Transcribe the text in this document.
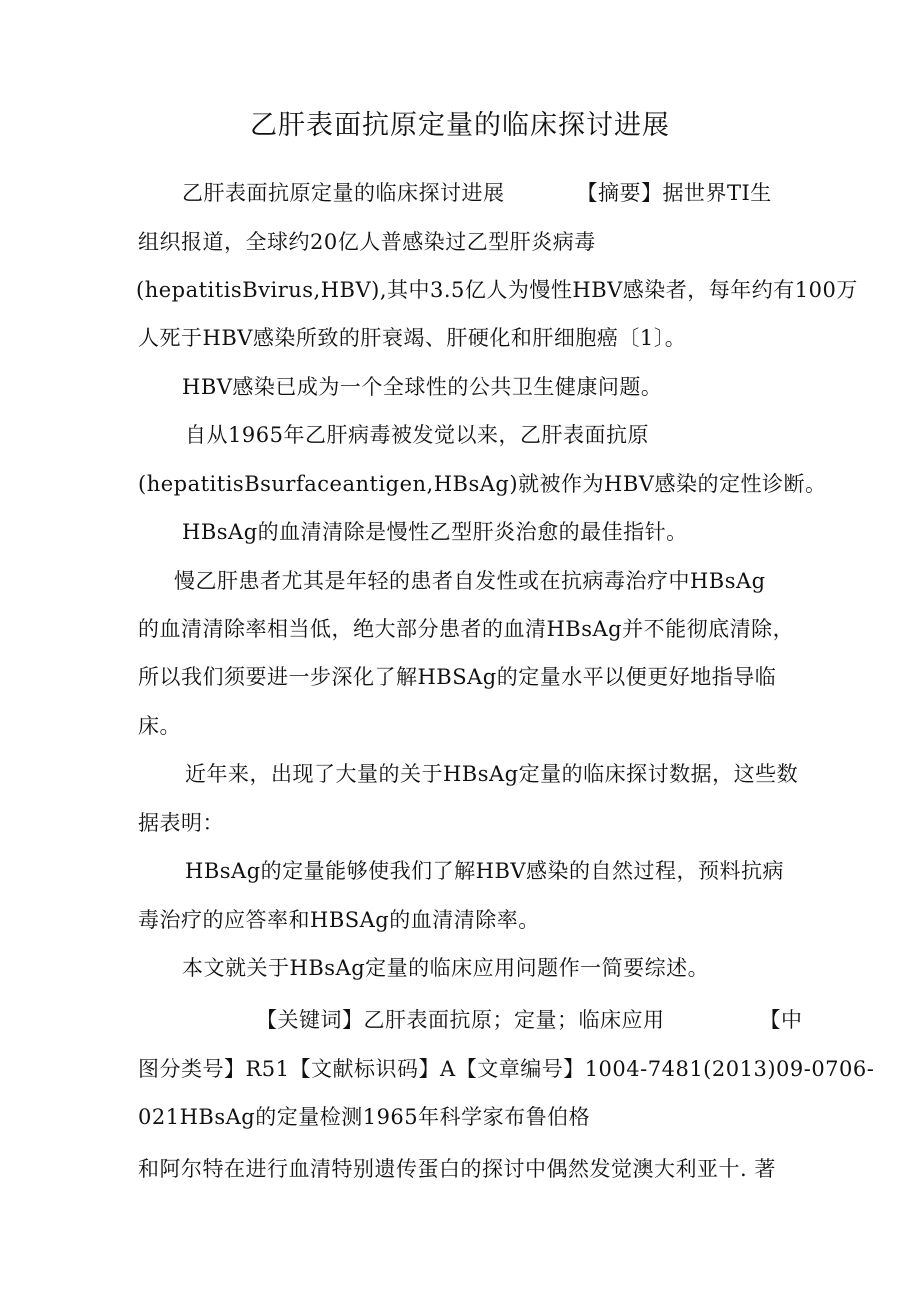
乙肝表面抗原定量的临床探讨进展
乙肝表面抗原定量的临床探讨进展	【摘要】据世界TI生
组织报道，全球约20亿人普感染过乙型肝炎病毒
(hepatitisBvirus,HBV),其中3.5亿人为慢性HBV感染者，每年约有100万
人死于HBV感染所致的肝衰竭、肝硬化和肝细胞癌〔1〕。
HBV感染已成为一个全球性的公共卫生健康问题。
自从1965年乙肝病毒被发觉以来，乙肝表面抗原
(hepatitisBsurfaceantigen,HBsAg)就被作为HBV感染的定性诊断。
HBsAg的血清清除是慢性乙型肝炎治愈的最佳指针。
慢乙肝患者尤其是年轻的患者自发性或在抗病毒治疗中HBsAg
的血清清除率相当低，绝大部分患者的血清HBsAg并不能彻底清除，
所以我们须要进一步深化了解HBSAg的定量水平以便更好地指导临
床。
近年来，出现了大量的关于HBsAg定量的临床探讨数据，这些数
据表明：
HBsAg的定量能够使我们了解HBV感染的自然过程，预料抗病
毒治疗的应答率和HBSAg的血清清除率。
本文就关于HBsAg定量的临床应用问题作一简要综述。
【关键词】乙肝表面抗原；定量；临床应用	【中
图分类号】R51【文献标识码】A【文章编号】1004-7481(2013)09-0706-
021HBsAg的定量检测1965年科学家布鲁伯格
和阿尔特在进行血清特别遗传蛋白的探讨中偶然发觉澳大利亚十. 著
